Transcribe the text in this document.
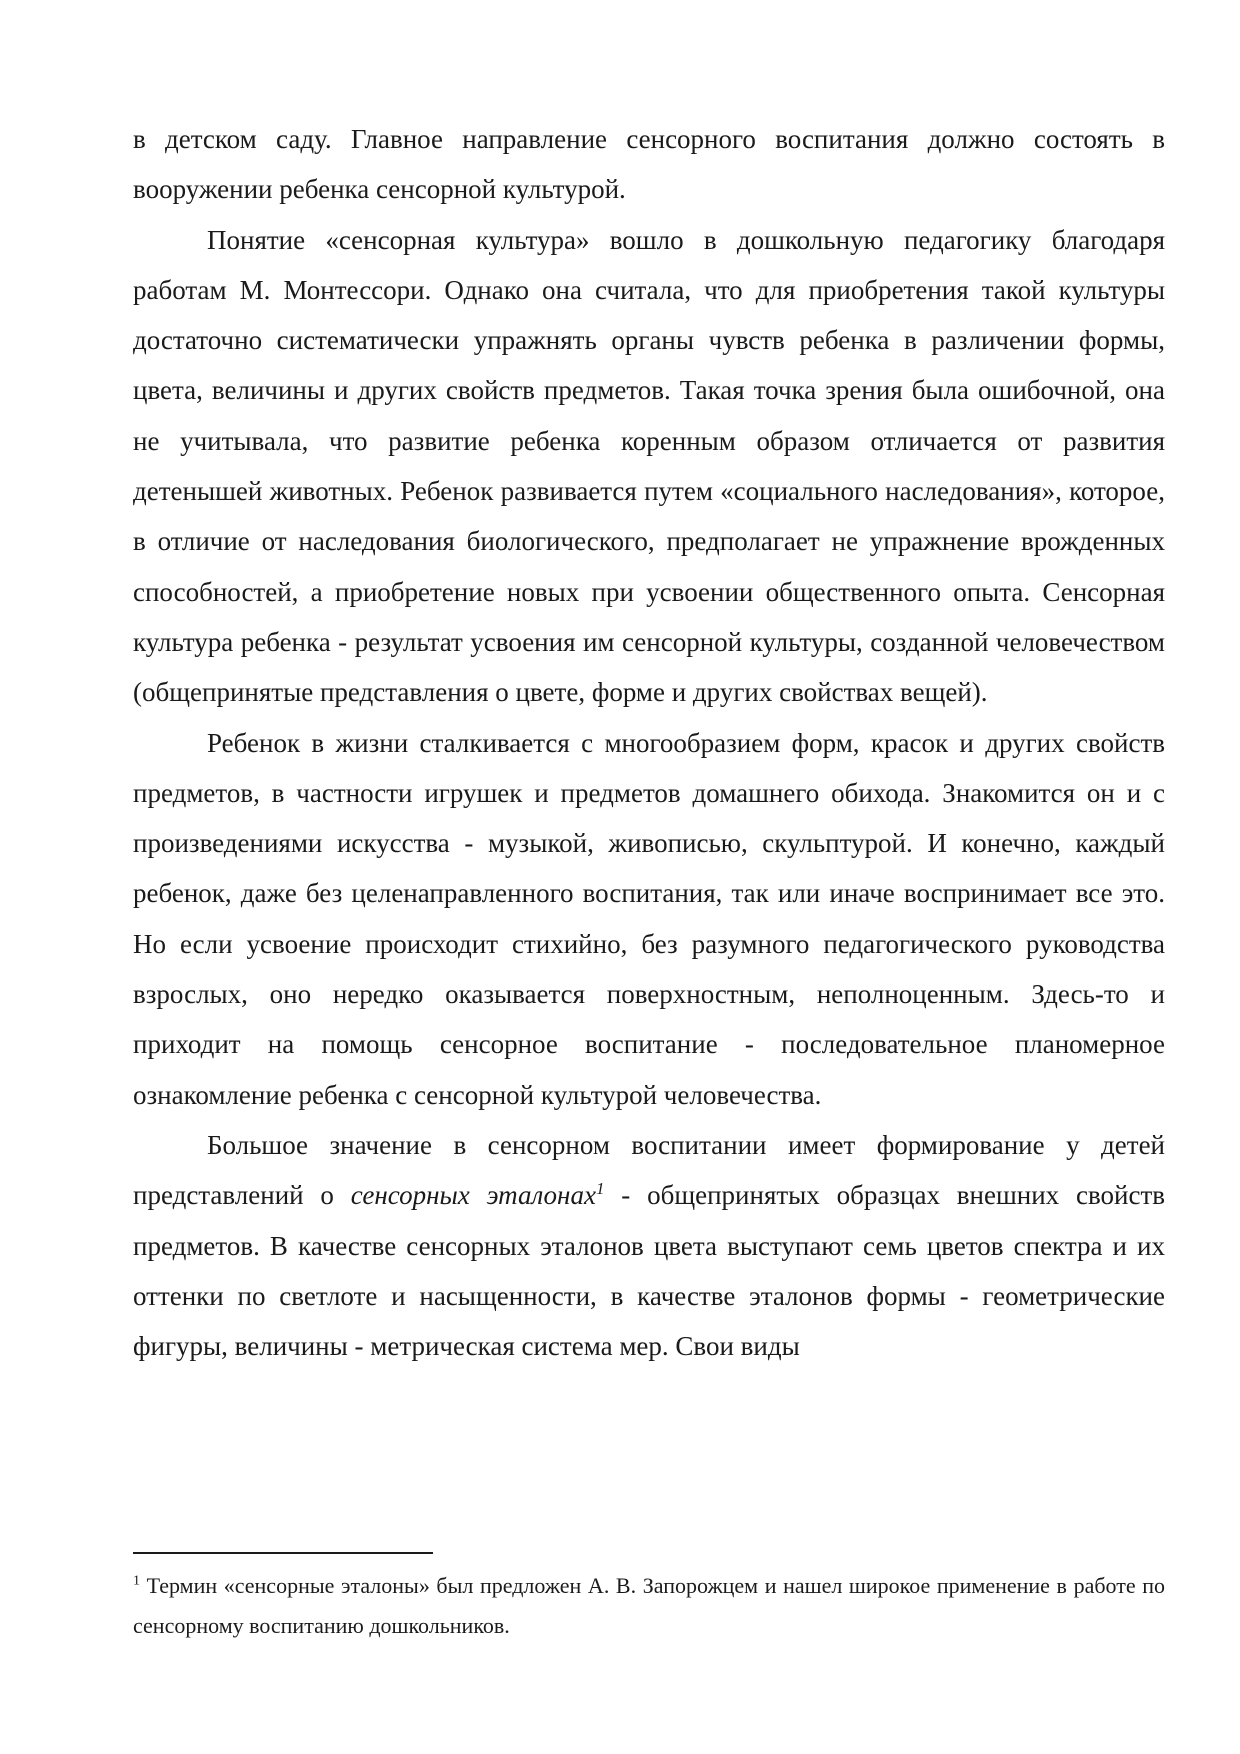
в детском саду. Главное направление сенсорного воспитания должно состоять в вооружении ребенка сенсорной культурой.

Понятие «сенсорная культура» вошло в дошкольную педагогику благодаря работам М. Монтессори. Однако она считала, что для приобретения такой культуры достаточно систематически упражнять органы чувств ребенка в различении формы, цвета, величины и других свойств предметов. Такая точка зрения была ошибочной, она не учитывала, что развитие ребенка коренным образом отличается от развития детенышей животных. Ребенок развивается путем «социального наследования», которое, в отличие от наследования биологического, предполагает не упражнение врожденных способностей, а приобретение новых при усвоении общественного опыта. Сенсорная культура ребенка - результат усвоения им сенсорной культуры, созданной человечеством (общепринятые представления о цвете, форме и других свойствах вещей).

Ребенок в жизни сталкивается с многообразием форм, красок и других свойств предметов, в частности игрушек и предметов домашнего обихода. Знакомится он и с произведениями искусства - музыкой, живописью, скульптурой. И конечно, каждый ребенок, даже без целенаправленного воспитания, так или иначе воспринимает все это. Но если усвоение происходит стихийно, без разумного педагогического руководства взрослых, оно нередко оказывается поверхностным, неполноценным. Здесь-то и приходит на помощь сенсорное воспитание - последовательное планомерное ознакомление ребенка с сенсорной культурой человечества.

Большое значение в сенсорном воспитании имеет формирование у детей представлений о сенсорных эталонах$^1$ - общепринятых образцах внешних свойств предметов. В качестве сенсорных эталонов цвета выступают семь цветов спектра и их оттенки по светлоте и насыщенности, в качестве эталонов формы - геометрические фигуры, величины - метрическая система мер. Свои виды

$^1$ Термин «сенсорные эталоны» был предложен А. В. Запорожцем и нашел широкое применение в работе по сенсорному воспитанию дошкольников.
